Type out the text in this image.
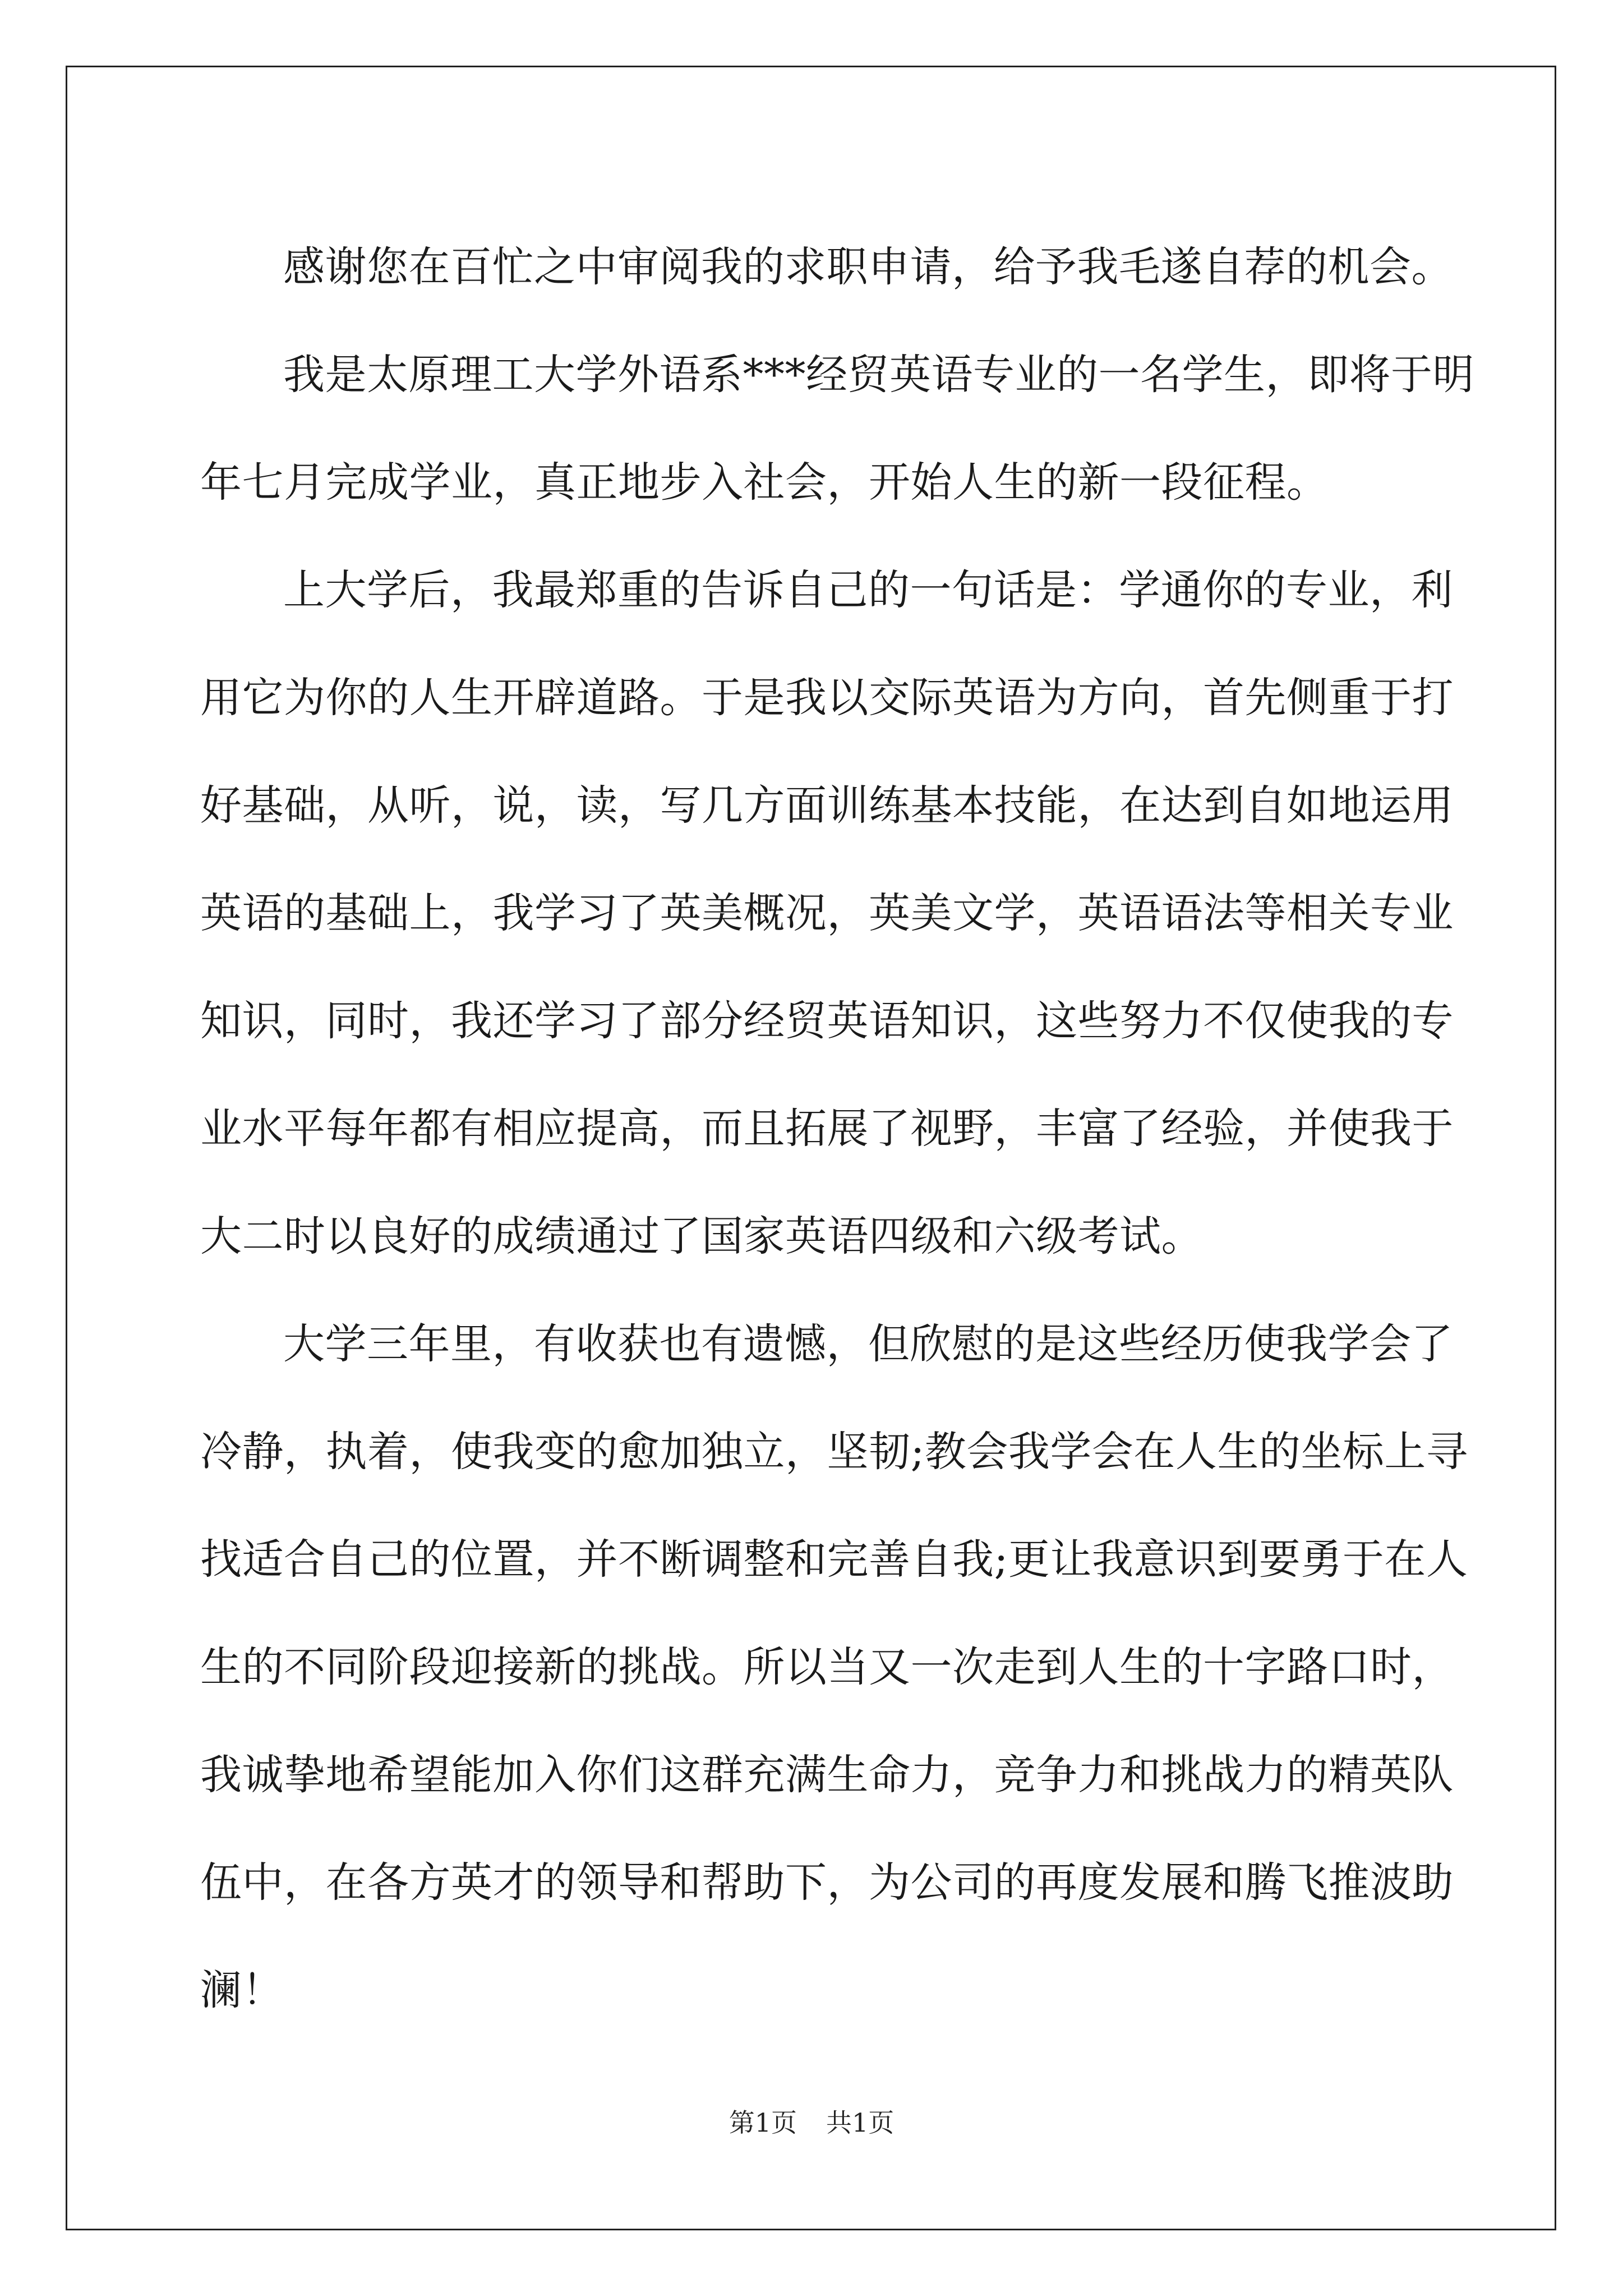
感谢您在百忙之中审阅我的求职申请，给予我毛遂自荐的机会。

我是太原理工大学外语系***经贸英语专业的一名学生，即将于明
年七月完成学业，真正地步入社会，开始人生的新一段征程。

上大学后，我最郑重的告诉自己的一句话是：学通你的专业，利
用它为你的人生开辟道路。于是我以交际英语为方向，首先侧重于打
好基础，从听，说，读，写几方面训练基本技能，在达到自如地运用
英语的基础上，我学习了英美概况，英美文学，英语语法等相关专业
知识，同时，我还学习了部分经贸英语知识，这些努力不仅使我的专
业水平每年都有相应提高，而且拓展了视野，丰富了经验，并使我于
大二时以良好的成绩通过了国家英语四级和六级考试。

大学三年里，有收获也有遗憾，但欣慰的是这些经历使我学会了
冷静，执着，使我变的愈加独立，坚韧;教会我学会在人生的坐标上寻
找适合自己的位置，并不断调整和完善自我;更让我意识到要勇于在人
生的不同阶段迎接新的挑战。所以当又一次走到人生的十字路口时，
我诚挚地希望能加入你们这群充满生命力，竞争力和挑战力的精英队
伍中，在各方英才的领导和帮助下，为公司的再度发展和腾飞推波助
澜！

第1页 共1页
